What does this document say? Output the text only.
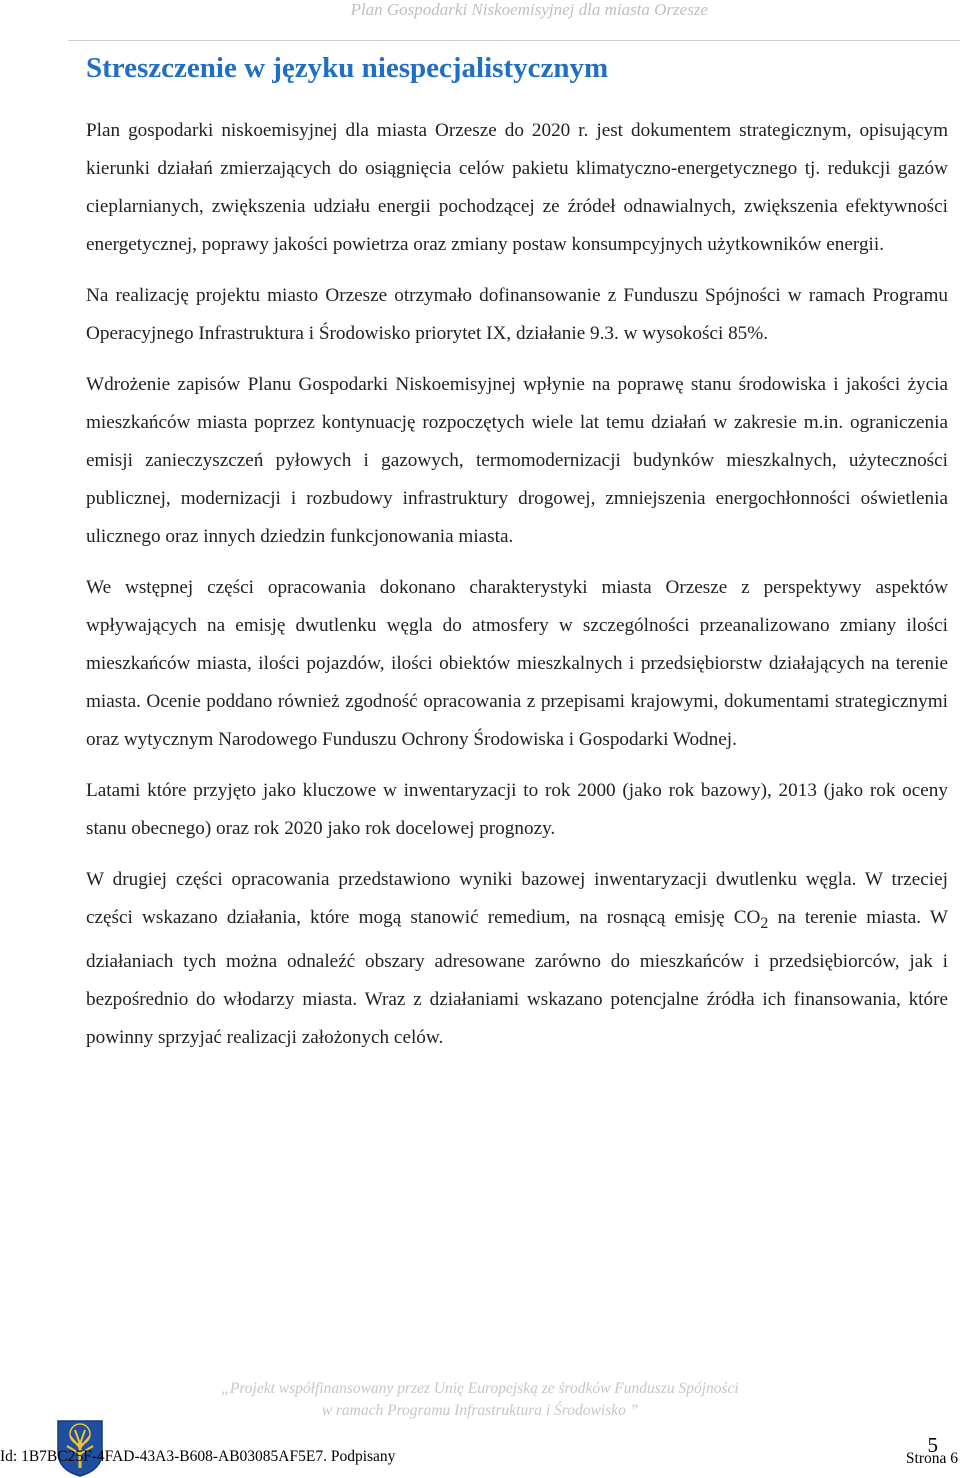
Plan Gospodarki Niskoemisyjnej dla miasta Orzesze
Streszczenie w języku niespecjalistycznym

Plan gospodarki niskoemisyjnej dla miasta Orzesze do 2020 r. jest dokumentem strategicznym, opisującym kierunki działań zmierzających do osiągnięcia celów pakietu klimatyczno-energetycznego tj. redukcji gazów cieplarnianych, zwiększenia udziału energii pochodzącej ze źródeł odnawialnych, zwiększenia efektywności energetycznej, poprawy jakości powietrza oraz zmiany postaw konsumpcyjnych użytkowników energii.

Na realizację projektu miasto Orzesze otrzymało dofinansowanie z Funduszu Spójności w ramach Programu Operacyjnego Infrastruktura i Środowisko priorytet IX, działanie 9.3. w wysokości 85%.

Wdrożenie zapisów Planu Gospodarki Niskoemisyjnej wpłynie na poprawę stanu środowiska i jakości życia mieszkańców miasta poprzez kontynuację rozpoczętych wiele lat temu działań w zakresie m.in. ograniczenia emisji zanieczyszczeń pyłowych i gazowych, termomodernizacji budynków mieszkalnych, użyteczności publicznej, modernizacji i rozbudowy infrastruktury drogowej, zmniejszenia energochłonności oświetlenia ulicznego oraz innych dziedzin funkcjonowania miasta.

We wstępnej części opracowania dokonano charakterystyki miasta Orzesze z perspektywy aspektów wpływających na emisję dwutlenku węgla do atmosfery w szczególności przeanalizowano zmiany ilości mieszkańców miasta, ilości pojazdów, ilości obiektów mieszkalnych i przedsiębiorstw działających na terenie miasta. Ocenie poddano również zgodność opracowania z przepisami krajowymi, dokumentami strategicznymi oraz wytycznym Narodowego Funduszu Ochrony Środowiska i Gospodarki Wodnej.

Latami które przyjęto jako kluczowe w inwentaryzacji to rok 2000 (jako rok bazowy), 2013 (jako rok oceny stanu obecnego) oraz rok 2020 jako rok docelowej prognozy.

W drugiej części opracowania przedstawiono wyniki bazowej inwentaryzacji dwutlenku węgla. W trzeciej części wskazano działania, które mogą stanowić remedium, na rosnącą emisję $CO_2$ na terenie miasta. W działaniach tych można odnaleźć obszary adresowane zarówno do mieszkańców i przedsiębiorców, jak i bezpośrednio do włodarzy miasta. Wraz z działaniami wskazano potencjalne źródła ich finansowania, które powinny sprzyjać realizacji założonych celów.

„Projekt współfinansowany przez Unię Europejską ze środków Funduszu Spójności
w ramach Programu Infrastruktura i Środowisko ”
Id: 1B7BC25F-4FAD-43A3-B608-AB03085AF5E7. Podpisany	5
Strona 6
